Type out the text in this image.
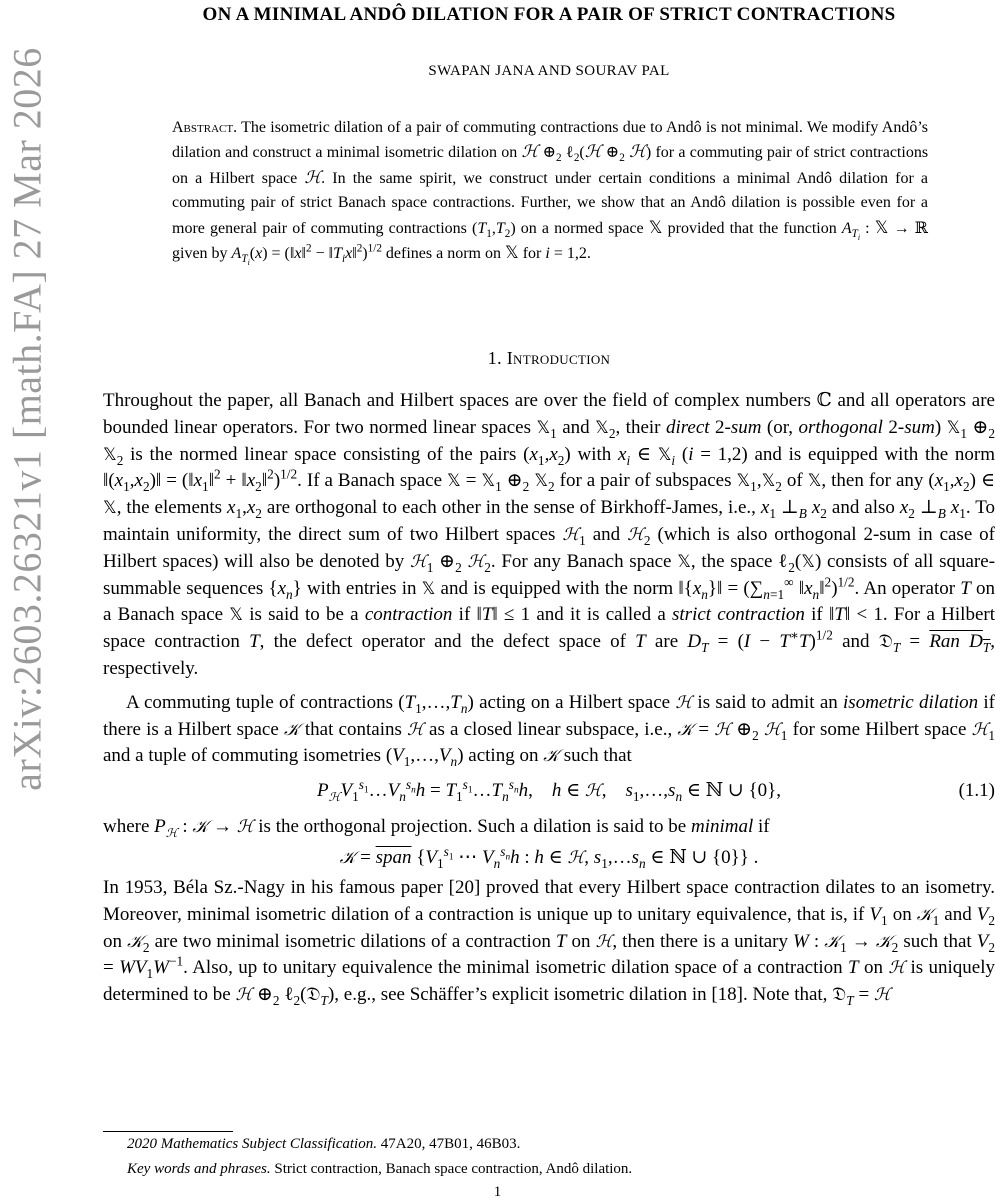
arXiv:2603.26321v1 [math.FA] 27 Mar 2026
ON A MINIMAL ANDÔ DILATION FOR A PAIR OF STRICT CONTRACTIONS
SWAPAN JANA AND SOURAV PAL
Abstract. The isometric dilation of a pair of commuting contractions due to Andô is not minimal. We modify Andô’s dilation and construct a minimal isometric dilation on ℋ $\oplus_2$ ℓ$_2$(ℋ $\oplus_2$ ℋ) for a commuting pair of strict contractions on a Hilbert space ℋ. In the same spirit, we construct under certain conditions a minimal Andô dilation for a commuting pair of strict Banach space contractions. Further, we show that an Andô dilation is possible even for a more general pair of commuting contractions $(T_1,T_2)$ on a normed space 𝕏 provided that the function $A_{T_i}$ : 𝕏 → ℝ given by $A_{T_i}(x)$ = (‖x‖$^2$ − $‖T_ix‖^2)^{1/2}$ defines a norm on 𝕏 for i = 1,2.
1. Introduction

Throughout the paper, all Banach and Hilbert spaces are over the field of complex numbers ℂ and all operators are bounded linear operators. For two normed linear spaces 𝕏$_1$ and 𝕏$_2$, their direct 2-sum (or, orthogonal 2-sum) 𝕏$_1$ $\oplus_2$ 𝕏$_2$ is the normed linear space consisting of the pairs $(x_1,x_2)$ with $x_i$ ∈ 𝕏$_i$ (i = 1,2) and is equipped with the norm $‖(x_1,x_2)‖$ = ($‖x_1‖^2$ + $‖x_2‖^2)^{1/2}$. If a Banach space 𝕏 = 𝕏$_1$ $\oplus_2$ 𝕏$_2$ for a pair of subspaces 𝕏$_1$,𝕏$_2$ of 𝕏, then for any $(x_1,x_2)$ ∈ 𝕏, the elements $x_1,x_2$ are orthogonal to each other in the sense of Birkhoff-James, i.e., $x_1$ $\perp_B$ $x_2$ and also $x_2$ $\perp_B$ $x_1$. To maintain uniformity, the direct sum of two Hilbert spaces ℋ$_1$ and ℋ$_2$ (which is also orthogonal 2-sum in case of Hilbert spaces) will also be denoted by ℋ$_1$ $\oplus_2$ ℋ$_2$. For any Banach space 𝕏, the space ℓ$_2$(𝕏) consists of all square-summable sequences $\{x_n\}$ with entries in 𝕏 and is equipped with the norm $‖\{x_n\}‖ = (\sum_{n=1}^\infty$ $‖x_n‖^2)^{1/2}$. An operator T on a Banach space 𝕏 is said to be a contraction if ‖T‖ ≤ 1 and it is called a strict contraction if ‖T‖ < 1. For a Hilbert space contraction T, the defect operator and the defect space of T are $D_T = (I - T^∗T)^{1/2}$ and 𝔇$_T$ = Ran $D_T$, respectively.

A commuting tuple of contractions $(T_1,\dots,T_n)$ acting on a Hilbert space ℋ is said to admit an isometric dilation if there is a Hilbert space 𝒦 that contains ℋ as a closed linear subspace, i.e., 𝒦 = ℋ $\oplus_2$ ℋ$_1$ for some Hilbert space ℋ$_1$ and a tuple of commuting isometries $(V_1,\dots,V_n)$ acting on 𝒦 such that

$P_ℋV_1^{s_1}\dots V_n^{s_n}h$ = $T_1^{s_1}\dots T_n^{s_n}h$,    h ∈ ℋ,    $s_1,\dots,s_n$ ∈ ℕ ∪ {0},	(1.1)

where $P_ℋ$ : 𝒦 → ℋ is the orthogonal projection. Such a dilation is said to be minimal if

𝒦 = span {$V_1^{s_1}$ ⋯ $V_n^{s_n}h$ : h ∈ ℋ, $s_1,\dots s_n$ ∈ ℕ ∪ {0}} .

In 1953, Béla Sz.-Nagy in his famous paper [20] proved that every Hilbert space contraction dilates to an isometry. Moreover, minimal isometric dilation of a contraction is unique up to unitary equivalence, that is, if $V_1$ on 𝒦$_1$ and $V_2$ on 𝒦$_2$ are two minimal isometric dilations of a contraction T on ℋ, then there is a unitary W : 𝒦$_1$ → 𝒦$_2$ such that $V_2 = WV_1W^{-1}$. Also, up to unitary equivalence the minimal isometric dilation space of a contraction T on ℋ is uniquely determined to be ℋ $\oplus_2$ ℓ$_2$(𝔇$_T$), e.g., see Schäffer’s explicit isometric dilation in [18]. Note that, 𝔇$_T$ = ℋ

2020 Mathematics Subject Classification. 47A20, 47B01, 46B03.
Key words and phrases. Strict contraction, Banach space contraction, Andô dilation.
1
